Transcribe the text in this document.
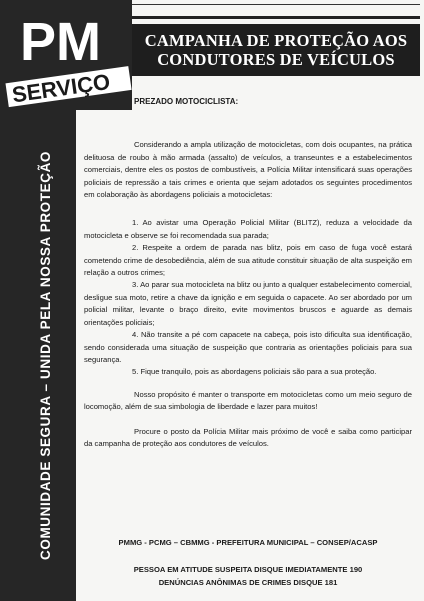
COMUNIDADE SEGURA – UNIDA PELA NOSSA PROTEÇÃO
PM
SERVIÇO
CAMPANHA DE PROTEÇÃO AOS
CONDUTORES DE VEÍCULOS
PREZADO MOTOCICLISTA:

Considerando a ampla utilização de motocicletas, com dois ocupantes, na prática delituosa de roubo à mão armada (assalto) de veículos, a transeuntes e a estabelecimentos comerciais, dentre eles os postos de combustíveis, a Polícia Militar intensificará suas operações policiais de repressão a tais crimes e orienta que sejam adotados os seguintes procedimentos em colaboração às abordagens policiais a motocicletas:

1. Ao avistar uma Operação Policial Militar (BLITZ), reduza a velocidade da motocicleta e observe se foi recomendada sua parada;

2. Respeite a ordem de parada nas blitz, pois em caso de fuga você estará cometendo crime de desobediência, além de sua atitude constituir situação de alta suspeição em relação a outros crimes;

3. Ao parar sua motocicleta na blitz ou junto a qualquer estabelecimento comercial, desligue sua moto, retire a chave da ignição e em seguida o capacete. Ao ser abordado por um policial militar, levante o braço direito, evite movimentos bruscos e aguarde as demais orientações policiais;

4. Não transite a pé com capacete na cabeça, pois isto dificulta sua identificação, sendo considerada uma situação de suspeição que contraria as orientações policiais para sua segurança.

5. Fique tranquilo, pois as abordagens policiais são para a sua proteção.

Nosso propósito é manter o transporte em motocicletas como um meio seguro de locomoção, além de sua simbologia de liberdade e lazer para muitos!

Procure o posto da Polícia Militar mais próximo de você e saiba como participar da campanha de proteção aos condutores de veículos.

PMMG - PCMG – CBMMG - PREFEITURA MUNICIPAL – CONSEP/ACASP
PESSOA EM ATITUDE SUSPEITA DISQUE IMEDIATAMENTE 190
DENÚNCIAS ANÔNIMAS DE CRIMES DISQUE 181
